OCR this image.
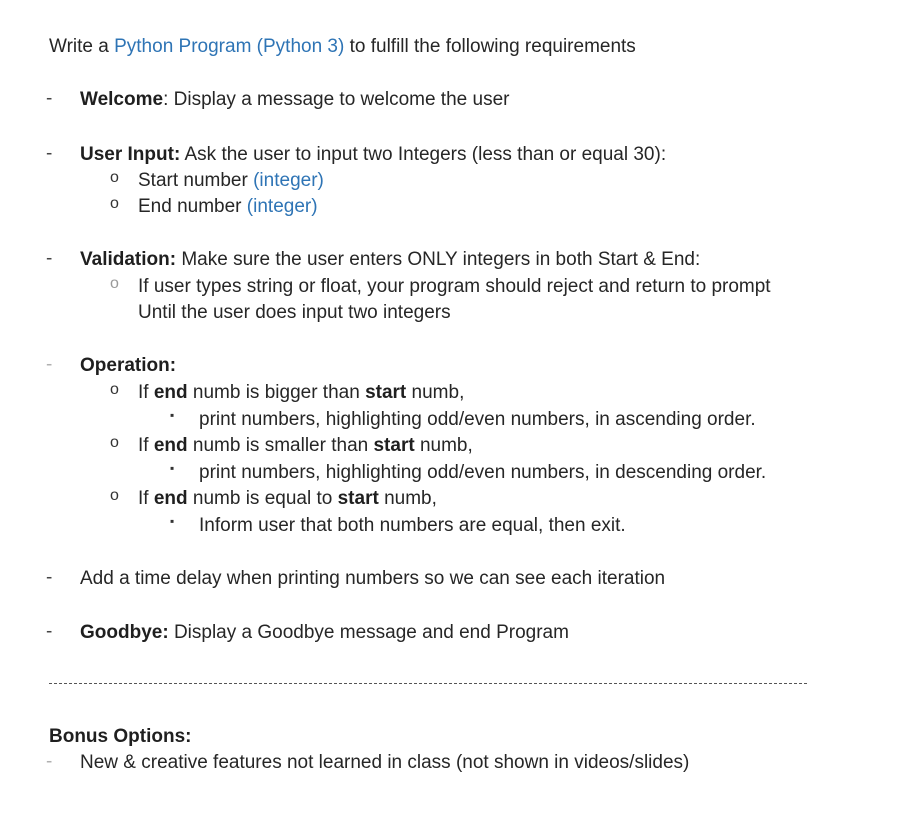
Write a Python Program (Python 3) to fulfill the following requirements
-	Welcome: Display a message to welcome the user
-	User Input: Ask the user to input two Integers (less than or equal 30):
o	Start number (integer)
o	End number (integer)
-	Validation: Make sure the user enters ONLY integers in both Start & End:
o	If user types string or float, your program should reject and return to prompt
Until the user does input two integers
-	Operation:
o	If end numb is bigger than start numb,
▪	print numbers, highlighting odd/even numbers, in ascending order.
o	If end numb is smaller than start numb,
▪	print numbers, highlighting odd/even numbers, in descending order.
o	If end numb is equal to start numb,
▪	Inform user that both numbers are equal, then exit.
-	Add a time delay when printing numbers so we can see each iteration
-	Goodbye: Display a Goodbye message and end Program
Bonus Options:
-	New & creative features not learned in class (not shown in videos/slides)
